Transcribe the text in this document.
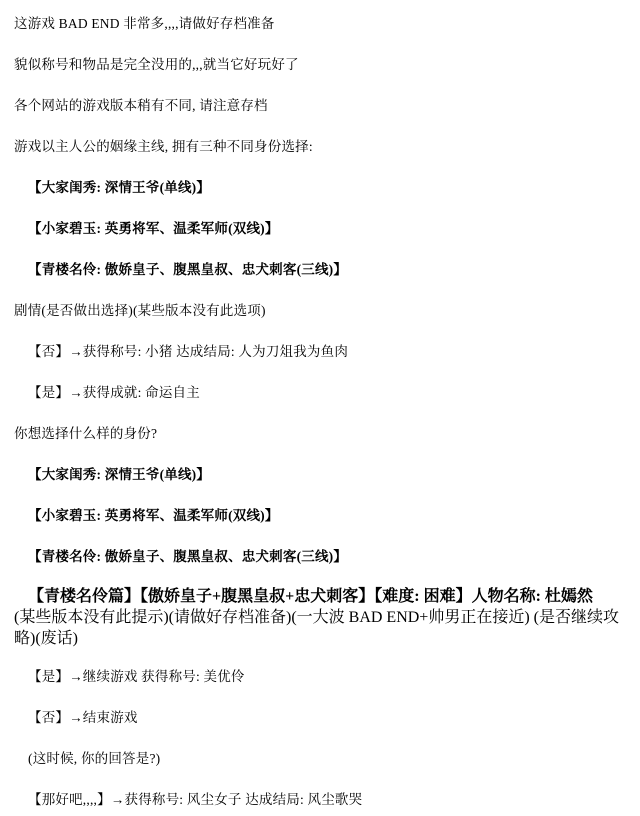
这游戏 BAD END 非常多,,,,请做好存档准备

貌似称号和物品是完全没用的,,,就当它好玩好了

各个网站的游戏版本稍有不同, 请注意存档

游戏以主人公的姻缘主线, 拥有三种不同身份选择:

【大家闺秀: 深情王爷(单线)】

【小家碧玉: 英勇将军、温柔军师(双线)】

【青楼名伶: 傲娇皇子、腹黑皇叔、忠犬刺客(三线)】

剧情(是否做出选择)(某些版本没有此选项)

【否】→获得称号: 小猪 达成结局: 人为刀俎我为鱼肉

【是】→获得成就: 命运自主

你想选择什么样的身份?

【大家闺秀: 深情王爷(单线)】

【小家碧玉: 英勇将军、温柔军师(双线)】

【青楼名伶: 傲娇皇子、腹黑皇叔、忠犬刺客(三线)】

【青楼名伶篇】【傲娇皇子+腹黑皇叔+忠犬刺客】【难度: 困难】人物名称: 杜嫣然
(某些版本没有此提示)(请做好存档准备)(一大波 BAD END+帅男正在接近) (是否继续攻略)(废话)

【是】→继续游戏 获得称号: 美优伶

【否】→结束游戏

(这时候, 你的回答是?)

【那好吧,,,,】→获得称号: 风尘女子 达成结局: 风尘歌哭
